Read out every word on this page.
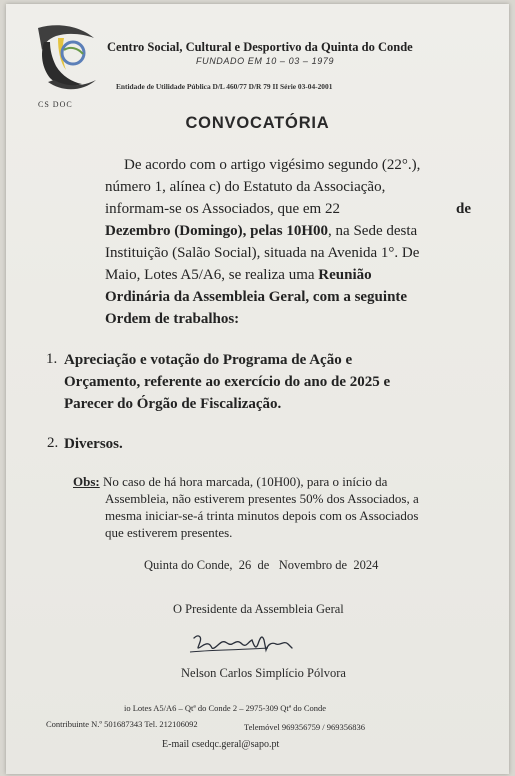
CS DOC
Centro Social, Cultural e Desportivo da Quinta do Conde
FUNDADO EM 10 – 03 – 1979
Entidade de Utilidade Pública D/L 460/77 D/R 79 II Série 03-04-2001
CONVOCATÓRIA
De acordo com o artigo vigésimo segundo (22°.),
número 1, alínea c) do Estatuto da Associação,
informam-se os Associados, que em 22	de
Dezembro (Domingo), pelas 10H00, na Sede desta
Instituição (Salão Social), situada na Avenida 1°. De
Maio, Lotes A5/A6, se realiza uma Reunião
Ordinária da Assembleia Geral, com a seguinte
Ordem de trabalhos:
1. Apreciação e votação do Programa de Ação e
Orçamento, referente ao exercício do ano de 2025 e
Parecer do Órgão de Fiscalização.
2. Diversos.
Obs: No caso de há hora marcada, (10H00), para o início da
Assembleia, não estiverem presentes 50% dos Associados, a
mesma iniciar-se-á trinta minutos depois com os Associados
que estiverem presentes.
Quinta do Conde,  26  de   Novembro de  2024
O Presidente da Assembleia Geral
Nelson Carlos Simplício Pólvora
io Lotes A5/A6 – Qtª do Conde 2 – 2975-309 Qtª do Conde
Contribuinte N.º 501687343 Tel. 212106092	Telemóvel 969356759 / 969356836
E-mail csedqc.geral@sapo.pt
